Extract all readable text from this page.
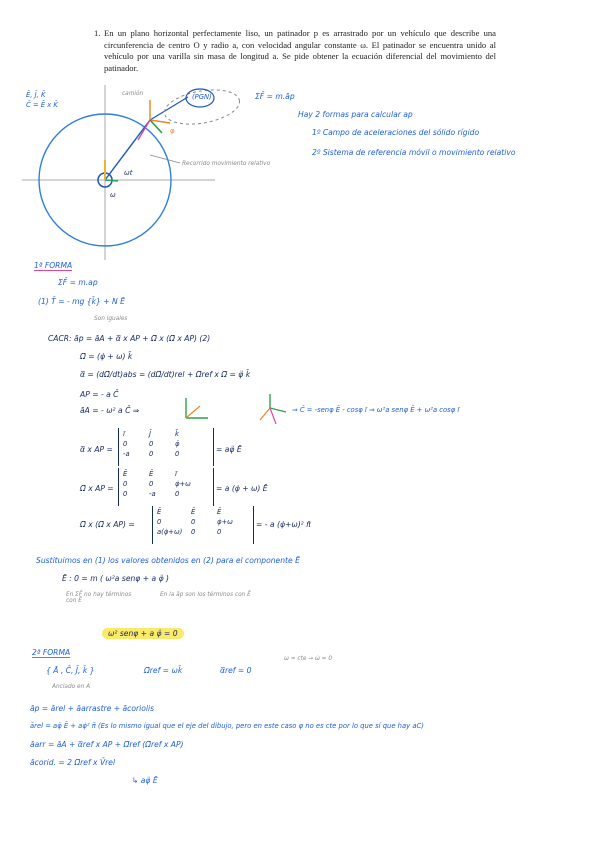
1. En un plano horizontal perfectamente liso, un patinador p es arrastrado por un vehículo que describe una circunferencia de centro O y radio a, con velocidad angular constante ω. El patinador se encuentra unido al vehículo por una varilla sin masa de longitud a. Se pide obtener la ecuación diferencial del movimiento del patinador.
Ē, J̄, K̄
C̄ = Ē x K̄
camión	(PGN)
Recorrido movimiento relativo
ωt
ω
φ
ΣF̄ = m.āp
Hay 2 formas para calcular ap
1º Campo de aceleraciones del sólido rígido
2º Sistema de referencia móvil o movimiento relativo
1ª FORMA
ΣF̄ = m.ap
(1) T̄ = - mg {k̄} + N Ē
Son iguales
CACR: āp = āA + α̅ x AP + Ω̅ x (Ω̅ x AP) (2)
Ω̅ = (φ̇ + ω) k̄
α̅ = (dΩ̅/dt)abs = (dΩ̅/dt)rel + Ω̅ref x Ω̅ = φ̈ k̄
AP = - a C̄
āA = - ω² a C̄ ⇒	⇒ C̄ = -senφ Ē - cosφ ī ⇒ ω²a senφ Ē + ω²a cosφ ī
α̅ x AP =
ī	J̄	k̄
0	0	φ̈
-a	0	0	= aφ̈ Ē
Ω̅ x AP =
Ē	Ē	ī
0	0	φ̇+ω
0	-a	0
= a (φ̇ + ω) Ē
Ω̅ x (Ω̅ x AP) =
Ē	Ē	Ē
0	0	φ̇+ω
a(φ̇+ω)	0	0
= - a (φ̇+ω)² π̄
Sustituimos en (1) los valores obtenidos en (2) para el componente Ē
Ē : 0 = m ( ω²a senφ + a φ̈ )
En ΣF̄ no hay términos con Ē
En la āp son los términos con Ē
ω² senφ + a φ̈ = 0
2ª FORMA
{ Ā , C̄, J̄, k̄ }	Ω̅ref = ωk̄	α̅ref = 0
ω = cte → ω̇ = 0
Anclado en A
āp = ārel + āarrastre + ācoriolis
ārel = aφ̈ Ē + aφ̇² π̄ (Es lo mismo igual que el eje del dibujo, pero en este caso φ no es cte por lo que sí que hay aC)
āarr = āA + α̅ref x AP + Ω̅ref (Ω̅ref x AP)
ācorid. = 2 Ω̅ref x V̄rel
↳ aφ̈ Ē
